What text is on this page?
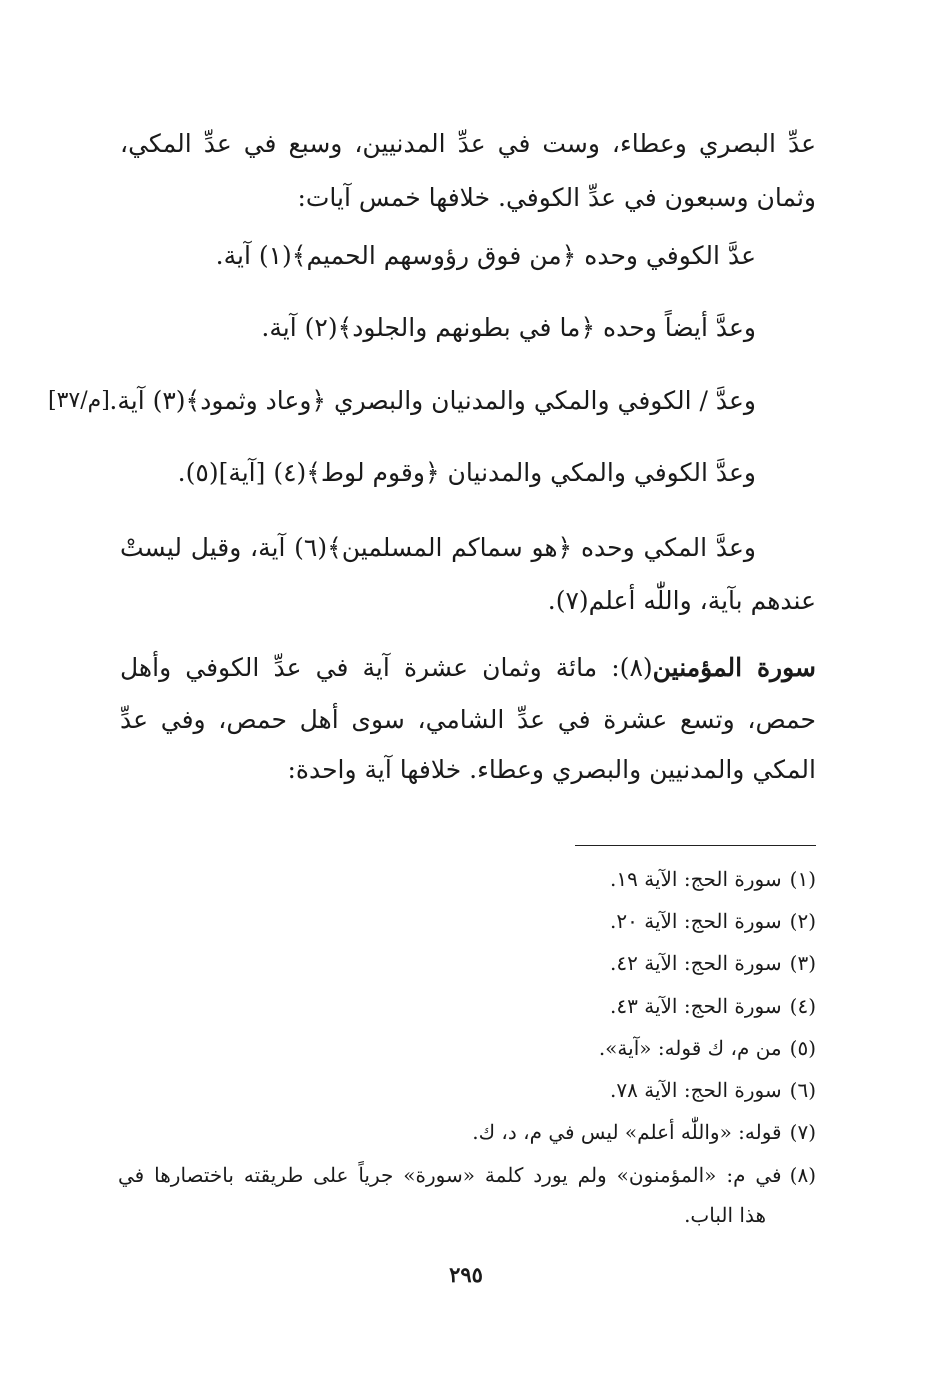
عدِّ البصري وعطاء، وست في عدِّ المدنيين، وسبع في عدِّ المكي،
وثمان وسبعون في عدِّ الكوفي. خلافها خمس آيات:
عدَّ الكوفي وحده ﴿من فوق رؤوسهم الحميم﴾(١) آية.
وعدَّ أيضاً وحده ﴿ما في بطونهم والجلود﴾(٢) آية.
وعدَّ / الكوفي والمكي والمدنيان والبصري ﴿وعاد وثمود﴾(٣) آية.
[م/٣٧]
وعدَّ الكوفي والمكي والمدنيان ﴿وقوم لوط﴾(٤) [آية](٥).
وعدَّ المكي وحده ﴿هو سماكم المسلمين﴾(٦) آية، وقيل ليستْ
عندهم بآية، واللّٰه أعلم(٧).
سورة المؤمنين(٨): مائة وثمان عشرة آية في عدِّ الكوفي وأهل
حمص، وتسع عشرة في عدِّ الشامي، سوى أهل حمص، وفي عدِّ
المكي والمدنيين والبصري وعطاء. خلافها آية واحدة:
(١)سورة الحج: الآية ١٩.
(٢)سورة الحج: الآية ٢٠.
(٣)سورة الحج: الآية ٤٢.
(٤)سورة الحج: الآية ٤٣.
(٥)من م، ك قوله: «آية».
(٦)سورة الحج: الآية ٧٨.
(٧)قوله: «واللّٰه أعلم» ليس في م، د، ك.
(٨)في م: «المؤمنون» ولم يورد كلمة «سورة» جرياً على طريقته باختصارها في
هذا الباب.
٢٩٥
